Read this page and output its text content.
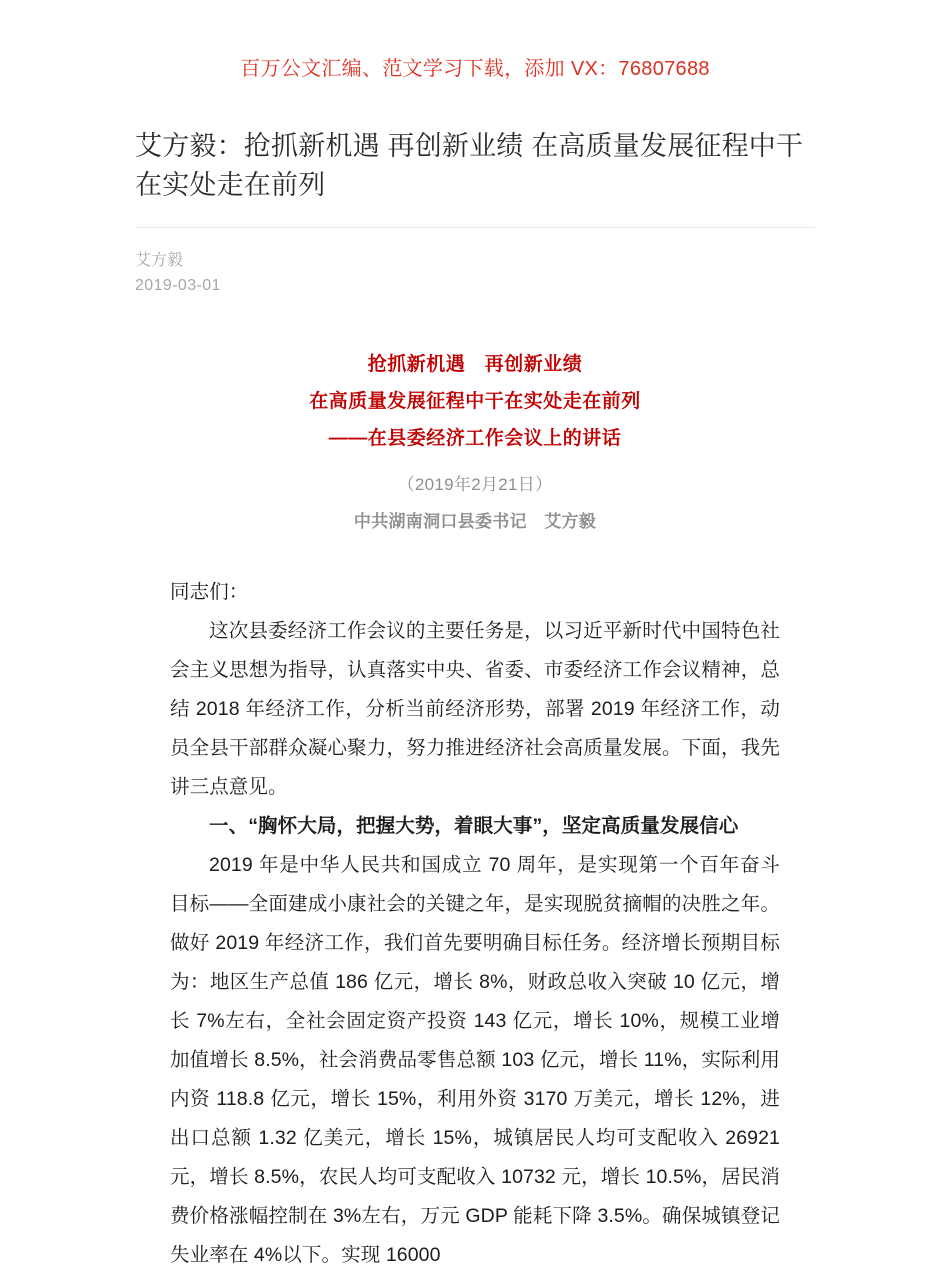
百万公文汇编、范文学习下载，添加 VX：76807688
艾方毅：抢抓新机遇 再创新业绩 在高质量发展征程中干在实处走在前列
艾方毅
2019-03-01
抢抓新机遇　再创新业绩
在高质量发展征程中干在实处走在前列
——在县委经济工作会议上的讲话
（2019年2月21日）
中共湖南洞口县委书记　艾方毅

同志们：

这次县委经济工作会议的主要任务是，以习近平新时代中国特色社会主义思想为指导，认真落实中央、省委、市委经济工作会议精神，总结 2018 年经济工作，分析当前经济形势，部署 2019 年经济工作，动员全县干部群众凝心聚力，努力推进经济社会高质量发展。下面，我先讲三点意见。

一、“胸怀大局，把握大势，着眼大事”，坚定高质量发展信心

2019 年是中华人民共和国成立 70 周年，是实现第一个百年奋斗目标——全面建成小康社会的关键之年，是实现脱贫摘帽的决胜之年。做好 2019 年经济工作，我们首先要明确目标任务。经济增长预期目标为：地区生产总值 186 亿元，增长 8%，财政总收入突破 10 亿元，增长 7%左右，全社会固定资产投资 143 亿元，增长 10%，规模工业增加值增长 8.5%，社会消费品零售总额 103 亿元，增长 11%，实际利用内资 118.8 亿元，增长 15%，利用外资 3170 万美元，增长 12%，进出口总额 1.32 亿美元，增长 15%，城镇居民人均可支配收入 26921 元，增长 8.5%，农民人均可支配收入 10732 元，增长 10.5%，居民消费价格涨幅控制在 3%左右，万元 GDP 能耗下降 3.5%。确保城镇登记失业率在 4%以下。实现 16000
